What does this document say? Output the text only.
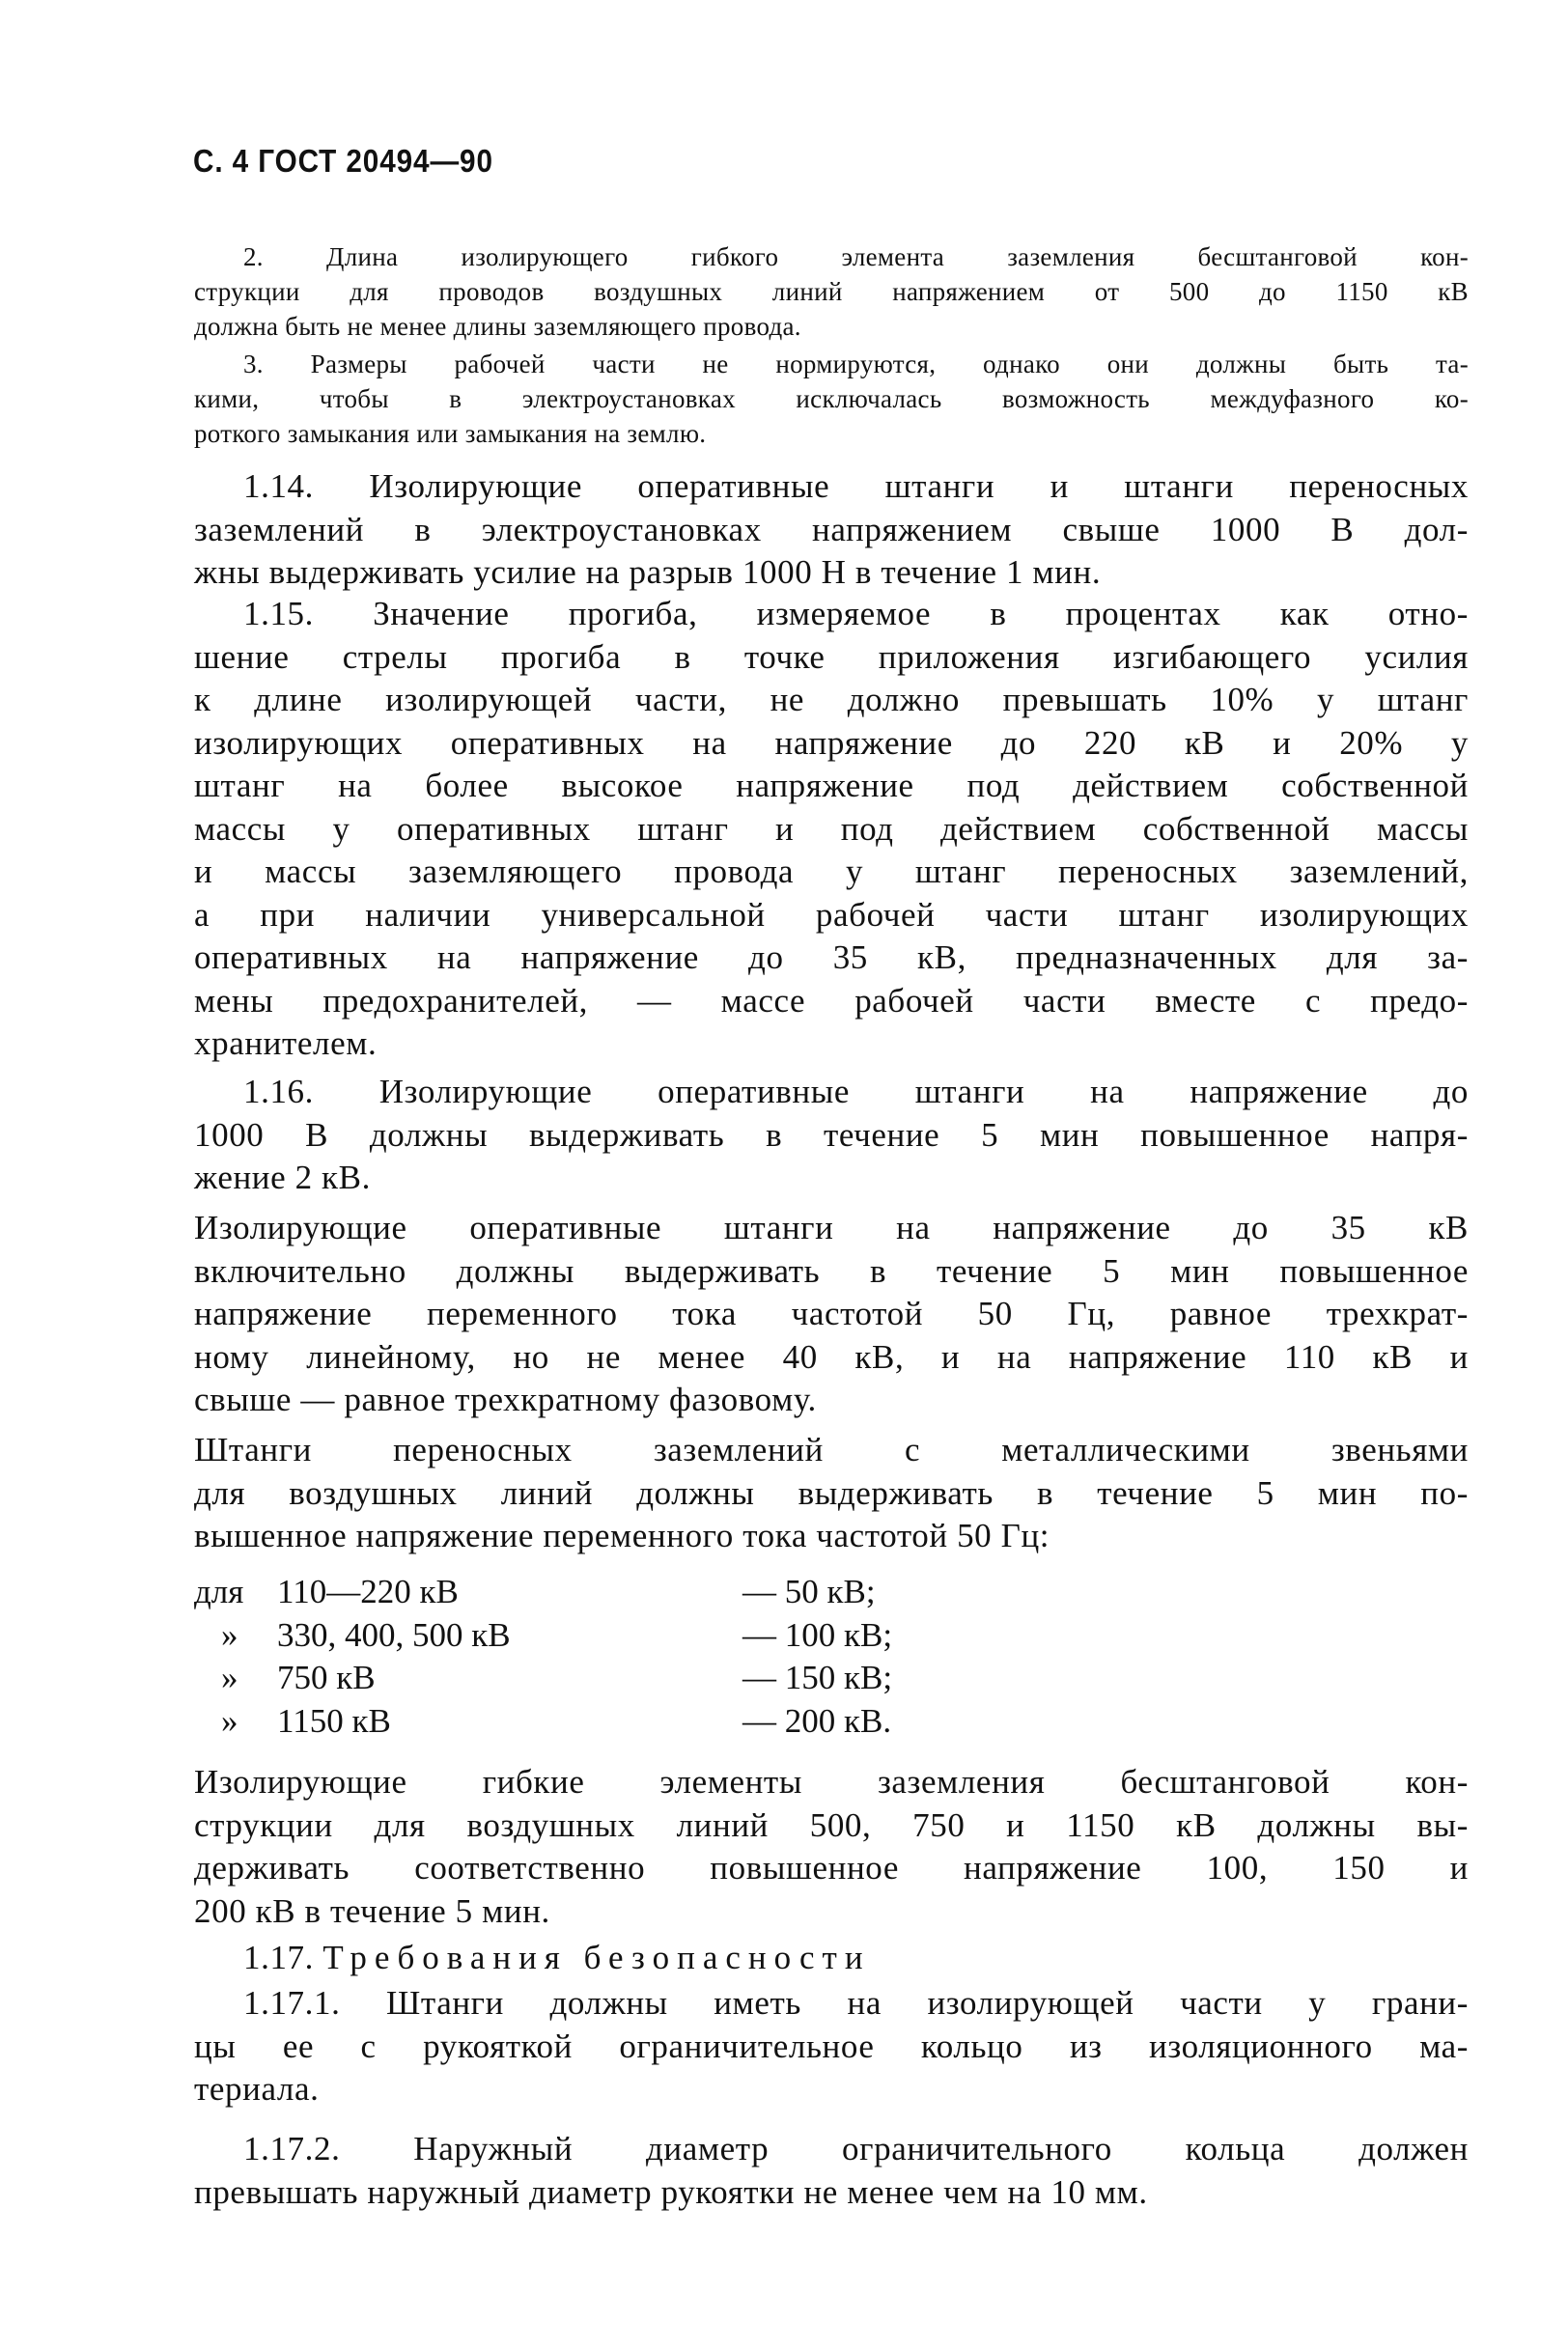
С. 4 ГОСТ 20494—90
2. Длина изолирующего гибкого элемента заземления бесштанговой кон-
струкции для проводов воздушных линий напряжением от 500 до 1150 кВ
должна быть не менее длины заземляющего провода.
3. Размеры рабочей части не нормируются, однако они должны быть та-
кими, чтобы в электроустановках исключалась возможность междуфазного ко-
роткого замыкания или замыкания на землю.
1.14. Изолирующие оперативные штанги и штанги переносных
заземлений в электроустановках напряжением свыше 1000 В дол-
жны выдерживать усилие на разрыв 1000 Н в течение 1 мин.
1.15. Значение прогиба, измеряемое в процентах как отно-
шение стрелы прогиба в точке приложения изгибающего усилия
к длине изолирующей части, не должно превышать 10% у штанг
изолирующих оперативных на напряжение до 220 кВ и 20% у
штанг на более высокое напряжение под действием собственной
массы у оперативных штанг и под действием собственной массы
и массы заземляющего провода у штанг переносных заземлений,
а при наличии универсальной рабочей части штанг изолирующих
оперативных на напряжение до 35 кВ, предназначенных для за-
мены предохранителей, — массе рабочей части вместе с предо-
хранителем.
1.16. Изолирующие оперативные штанги на напряжение до
1000 В должны выдерживать в течение 5 мин повышенное напря-
жение 2 кВ.
Изолирующие оперативные штанги на напряжение до 35 кВ
включительно должны выдерживать в течение 5 мин повышенное
напряжение переменного тока частотой 50 Гц, равное трехкрат-
ному линейному, но не менее 40 кВ, и на напряжение 110 кВ и
свыше — равное трехкратному фазовому.
Штанги переносных заземлений с металлическими звеньями
для воздушных линий должны выдерживать в течение 5 мин по-
вышенное напряжение переменного тока частотой 50 Гц:
Изолирующие гибкие элементы заземления бесштанговой кон-
струкции для воздушных линий 500, 750 и 1150 кВ должны вы-
держивать соответственно повышенное напряжение 100, 150 и
200 кВ в течение 5 мин.
1.17.1. Штанги должны иметь на изолирующей части у грани-
цы ее с рукояткой ограничительное кольцо из изоляционного ма-
териала.
1.17.2. Наружный диаметр ограничительного кольца должен
превышать наружный диаметр рукоятки не менее чем на 10 мм.
1.17. Требования безопасности
для 110—220 кВ	— 50 кВ;
» 330, 400, 500 кВ	— 100 кВ;
» 750 кВ	— 150 кВ;
» 1150 кВ	— 200 кВ.
